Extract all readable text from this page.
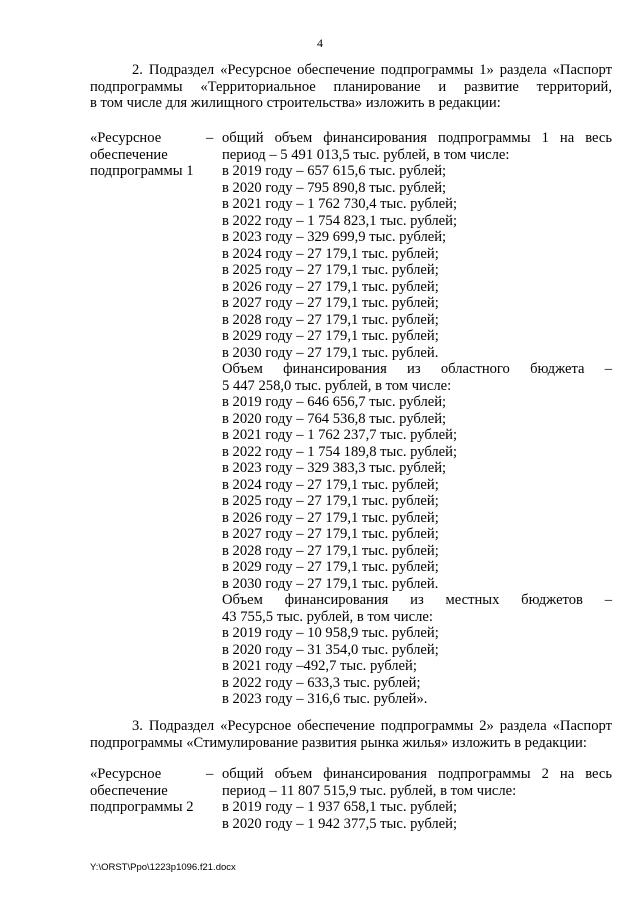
4
2. Подраздел «Ресурсное обеспечение подпрограммы 1» раздела «Паспорт
подпрограммы «Территориальное планирование и развитие территорий,
в том числе для жилищного строительства» изложить в редакции:
«Ресурсное
обеспечение
подпрограммы 1
– общий объем финансирования подпрограммы 1 на весь
период – 5 491 013,5 тыс. рублей, в том числе:
в 2019 году – 657 615,6 тыс. рублей;
в 2020 году – 795 890,8 тыс. рублей;
в 2021 году – 1 762 730,4 тыс. рублей;
в 2022 году – 1 754 823,1 тыс. рублей;
в 2023 году – 329 699,9 тыс. рублей;
в 2024 году – 27 179,1 тыс. рублей;
в 2025 году – 27 179,1 тыс. рублей;
в 2026 году – 27 179,1 тыс. рублей;
в 2027 году – 27 179,1 тыс. рублей;
в 2028 году – 27 179,1 тыс. рублей;
в 2029 году – 27 179,1 тыс. рублей;
в 2030 году – 27 179,1 тыс. рублей.
Объем финансирования из областного бюджета –
5 447 258,0 тыс. рублей, в том числе:
в 2019 году – 646 656,7 тыс. рублей;
в 2020 году – 764 536,8 тыс. рублей;
в 2021 году – 1 762 237,7 тыс. рублей;
в 2022 году – 1 754 189,8 тыс. рублей;
в 2023 году – 329 383,3 тыс. рублей;
в 2024 году – 27 179,1 тыс. рублей;
в 2025 году – 27 179,1 тыс. рублей;
в 2026 году – 27 179,1 тыс. рублей;
в 2027 году – 27 179,1 тыс. рублей;
в 2028 году – 27 179,1 тыс. рублей;
в 2029 году – 27 179,1 тыс. рублей;
в 2030 году – 27 179,1 тыс. рублей.
Объем финансирования из местных бюджетов –
43 755,5 тыс. рублей, в том числе:
в 2019 году – 10 958,9 тыс. рублей;
в 2020 году – 31 354,0 тыс. рублей;
в 2021 году –492,7 тыс. рублей;
в 2022 году – 633,3 тыс. рублей;
в 2023 году – 316,6 тыс. рублей».
3. Подраздел «Ресурсное обеспечение подпрограммы 2» раздела «Паспорт
подпрограммы «Стимулирование развития рынка жилья» изложить в редакции:
«Ресурсное
обеспечение
подпрограммы 2
– общий объем финансирования подпрограммы 2 на весь
период – 11 807 515,9 тыс. рублей, в том числе:
в 2019 году – 1 937 658,1 тыс. рублей;
в 2020 году – 1 942 377,5 тыс. рублей;
Y:\ORST\Ppo\1223p1096.f21.docx
